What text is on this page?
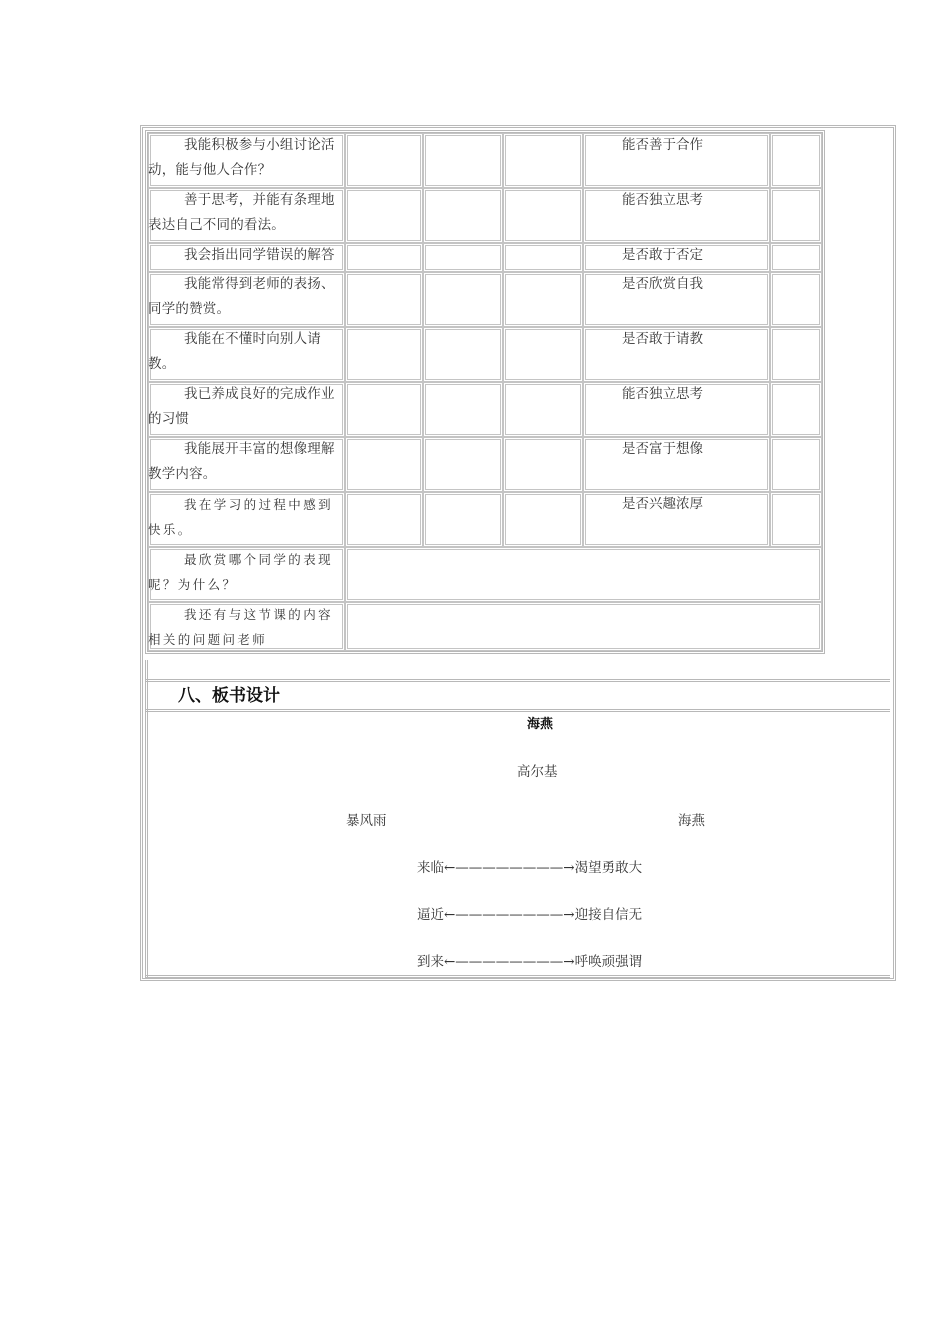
我能积极参与小组讨论活动，能与他人合作？
能否善于合作
善于思考，并能有条理地表达自己不同的看法。
能否独立思考
我会指出同学错误的解答	是否敢于否定
我能常得到老师的表扬、同学的赞赏。
是否欣赏自我
我能在不懂时向别人请教。
是否敢于请教
我已养成良好的完成作业的习惯
能否独立思考
我能展开丰富的想像理解教学内容。
是否富于想像
我在学习的过程中感到快乐。
是否兴趣浓厚
最欣赏哪个同学的表现呢？为什么？
我还有与这节课的内容相关的问题问老师
八、板书设计
海燕
高尔基
暴风雨	海燕
来临←————————→渴望勇敢大
逼近←————————→迎接自信无
到来←————————→呼唤顽强谓
